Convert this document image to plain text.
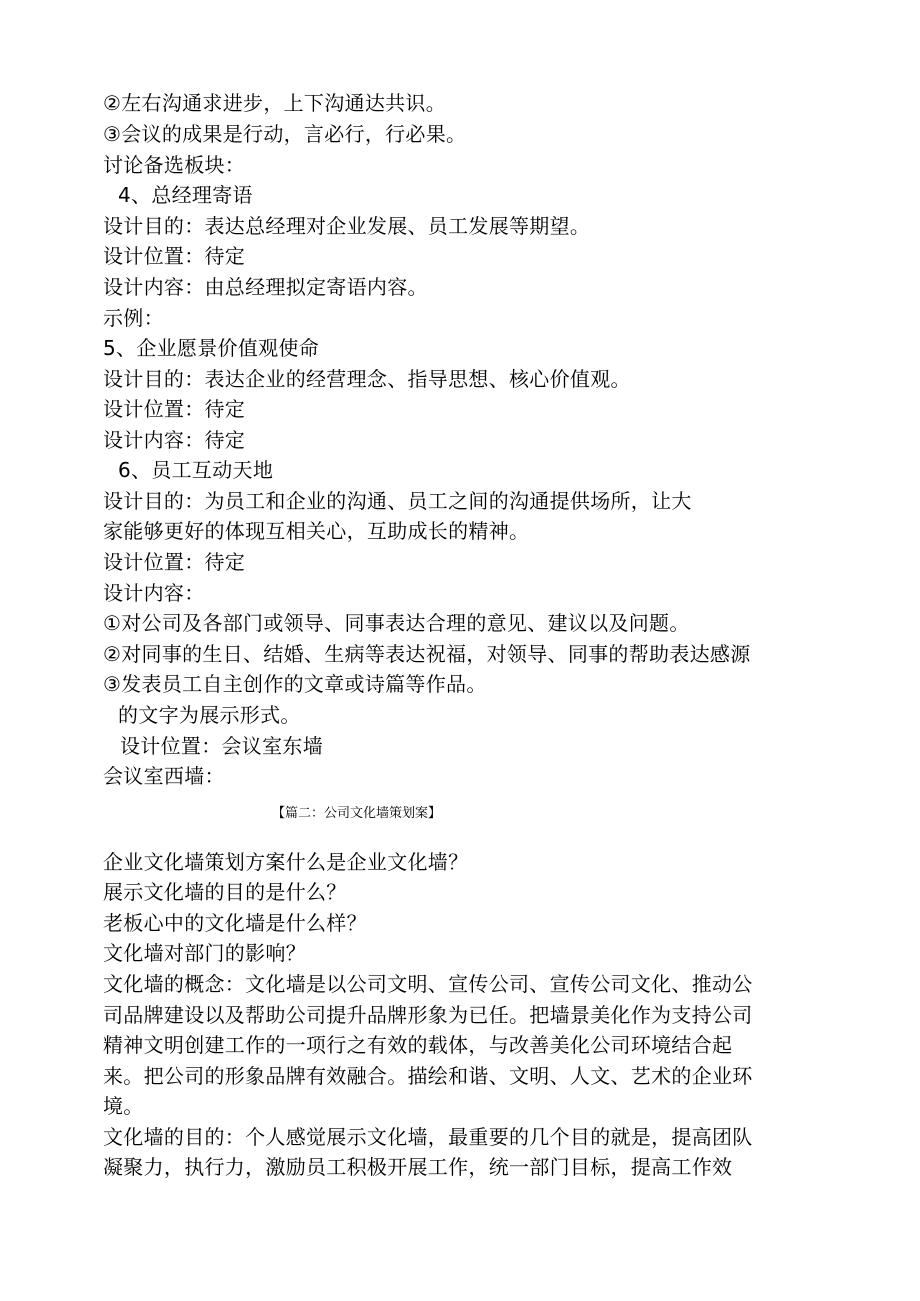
②左右沟通求进步，上下沟通达共识。
③会议的成果是行动，言必行，行必果。
讨论备选板块：
4、总经理寄语
设计目的：表达总经理对企业发展、员工发展等期望。
设计位置：待定
设计内容：由总经理拟定寄语内容。
示例：
5、企业愿景价值观使命
设计目的：表达企业的经营理念、指导思想、核心价值观。
设计位置：待定
设计内容：待定
6、员工互动天地
设计目的：为员工和企业的沟通、员工之间的沟通提供场所，让大
家能够更好的体现互相关心，互助成长的精神。
设计位置：待定
设计内容：
①对公司及各部门或领导、同事表达合理的意见、建议以及问题。
②对同事的生日、结婚、生病等表达祝福，对领导、同事的帮助表达感源
③发表员工自主创作的文章或诗篇等作品。
的文字为展示形式。
设计位置：会议室东墙
会议室西墙：
【篇二：公司文化墙策划案】
企业文化墙策划方案什么是企业文化墙？
展示文化墙的目的是什么？
老板心中的文化墙是什么样？
文化墙对部门的影响？
文化墙的概念：文化墙是以公司文明、宣传公司、宣传公司文化、推动公
司品牌建设以及帮助公司提升品牌形象为已任。把墙景美化作为支持公司
精神文明创建工作的一项行之有效的载体，与改善美化公司环境结合起
来。把公司的形象品牌有效融合。描绘和谐、文明、人文、艺术的企业环
境。
文化墙的目的：个人感觉展示文化墙，最重要的几个目的就是，提高团队
凝聚力，执行力，激励员工积极开展工作，统一部门目标，提高工作效
